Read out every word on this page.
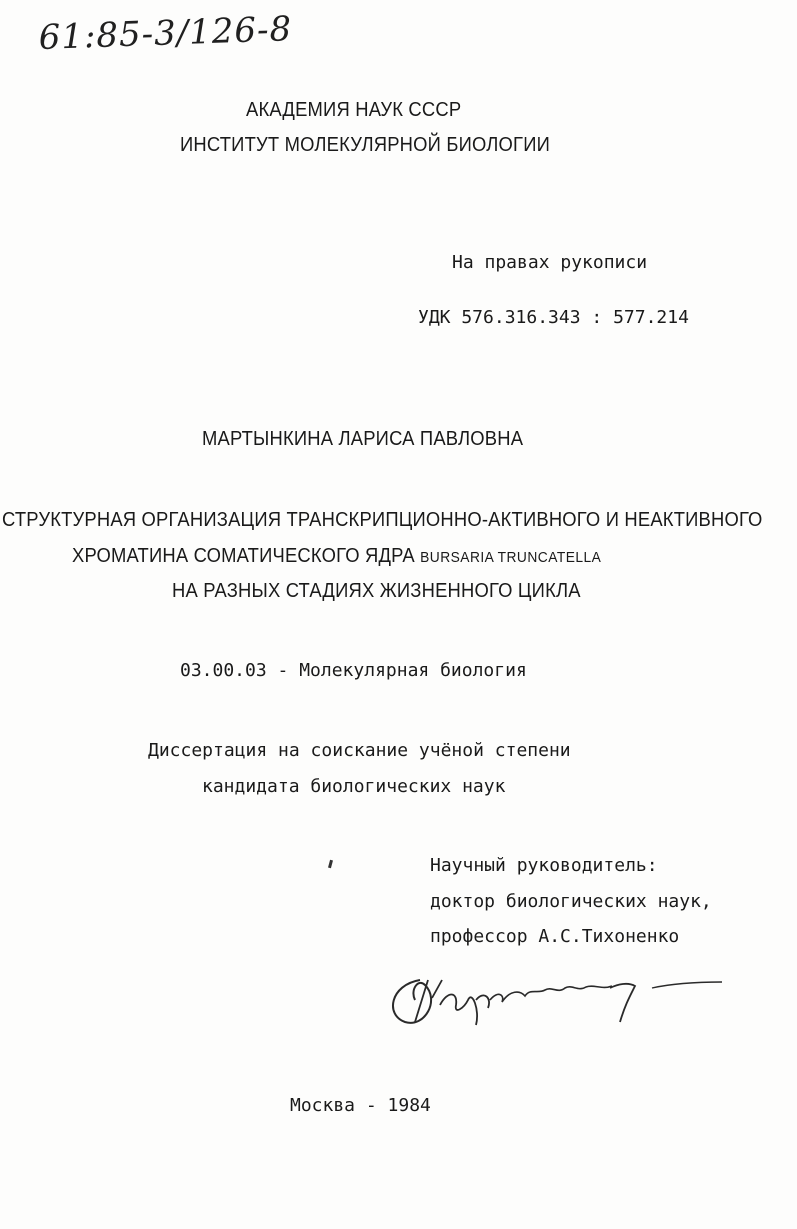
61:85-3/126-8
АКАДЕМИЯ НАУК СССР
ИНСТИТУТ МОЛЕКУЛЯРНОЙ БИОЛОГИИ
На правах рукописи
УДК 576.316.343 : 577.214
МАРТЫНКИНА ЛАРИСА ПАВЛОВНА
СТРУКТУРНАЯ ОРГАНИЗАЦИЯ ТРАНСКРИПЦИОННО-АКТИВНОГО И НЕАКТИВНОГО
ХРОМАТИНА СОМАТИЧЕСКОГО ЯДРА BURSARIA TRUNCATELLA
НА РАЗНЫХ СТАДИЯХ ЖИЗНЕННОГО ЦИКЛА
03.00.03 - Молекулярная биология
Диссертация на соискание учёной степени
кандидата биологических наук
Научный руководитель:
доктор биологических наук,
профессор А.С.Тихоненко
Москва - 1984
